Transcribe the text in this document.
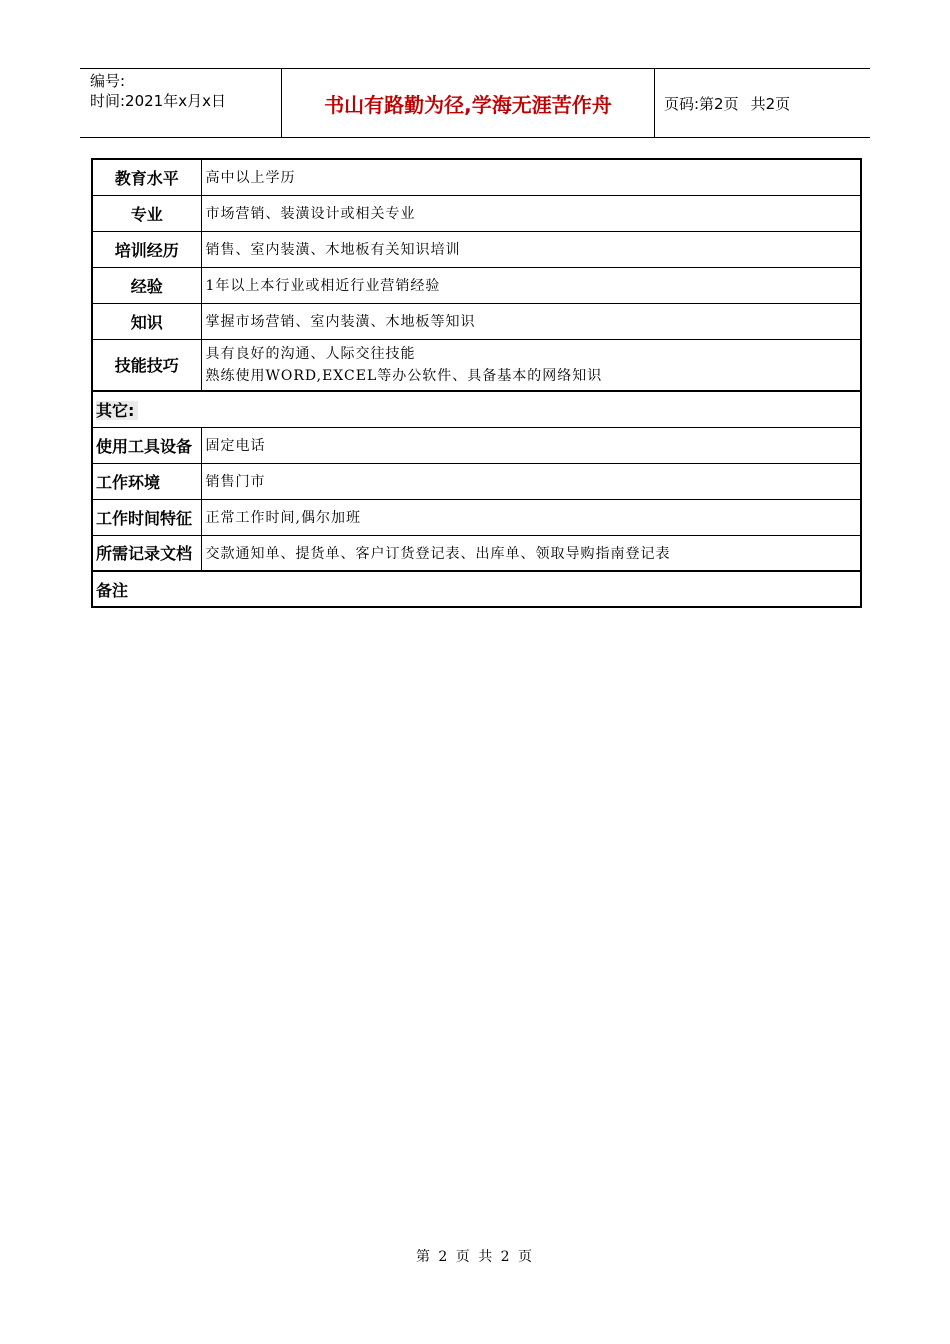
编号:
时间:2021年x月x日	书山有路勤为径,学海无涯苦作舟	页码:第2页 共2页
教育水平	高中以上学历
专业	市场营销、装潢设计或相关专业
培训经历	销售、室内装潢、木地板有关知识培训
经验	1年以上本行业或相近行业营销经验
知识	掌握市场营销、室内装潢、木地板等知识
技能技巧	具有良好的沟通、人际交往技能
熟练使用WORD,EXCEL等办公软件、具备基本的网络知识

其它:	
使用工具设备	固定电话
工作环境	销售门市
工作时间特征	正常工作时间,偶尔加班
所需记录文档	交款通知单、提货单、客户订货登记表、出库单、领取导购指南登记表
备注	
第 2 页 共 2 页
